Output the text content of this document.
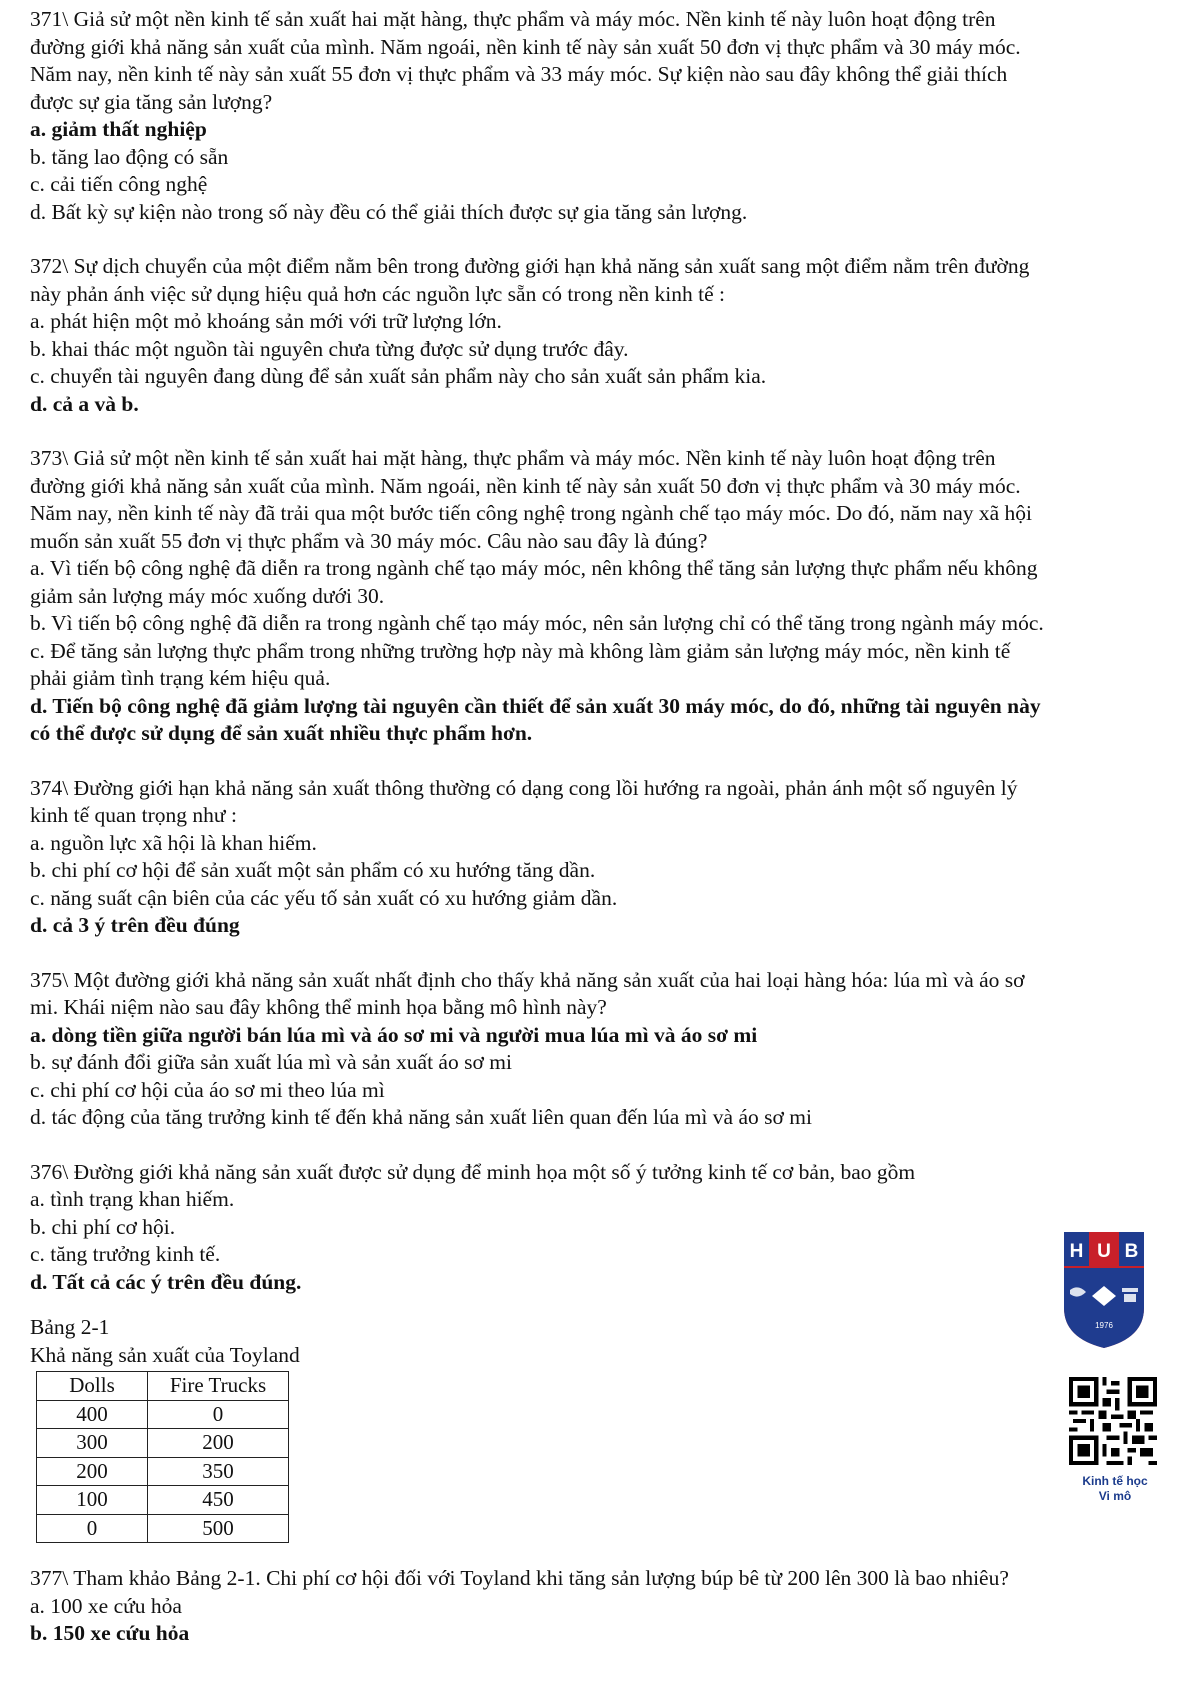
371\ Giả sử một nền kinh tế sản xuất hai mặt hàng, thực phẩm và máy móc. Nền kinh tế này luôn hoạt động trên
đường giới khả năng sản xuất của mình. Năm ngoái, nền kinh tế này sản xuất 50 đơn vị thực phẩm và 30 máy móc.
Năm nay, nền kinh tế này sản xuất 55 đơn vị thực phẩm và 33 máy móc. Sự kiện nào sau đây không thể giải thích
được sự gia tăng sản lượng?
a. giảm thất nghiệp
b. tăng lao động có sẵn
c. cải tiến công nghệ
d. Bất kỳ sự kiện nào trong số này đều có thể giải thích được sự gia tăng sản lượng.
372\ Sự dịch chuyển của một điểm nằm bên trong đường giới hạn khả năng sản xuất sang một điểm nằm trên đường
này phản ánh việc sử dụng hiệu quả hơn các nguồn lực sẵn có trong nền kinh tế :
a. phát hiện một mỏ khoáng sản mới với trữ lượng lớn.
b. khai thác một nguồn tài nguyên chưa từng được sử dụng trước đây.
c. chuyển tài nguyên đang dùng để sản xuất sản phẩm này cho sản xuất sản phẩm kia.
d. cả a và b.
373\ Giả sử một nền kinh tế sản xuất hai mặt hàng, thực phẩm và máy móc. Nền kinh tế này luôn hoạt động trên
đường giới khả năng sản xuất của mình. Năm ngoái, nền kinh tế này sản xuất 50 đơn vị thực phẩm và 30 máy móc.
Năm nay, nền kinh tế này đã trải qua một bước tiến công nghệ trong ngành chế tạo máy móc. Do đó, năm nay xã hội
muốn sản xuất 55 đơn vị thực phẩm và 30 máy móc. Câu nào sau đây là đúng?
a. Vì tiến bộ công nghệ đã diễn ra trong ngành chế tạo máy móc, nên không thể tăng sản lượng thực phẩm nếu không
giảm sản lượng máy móc xuống dưới 30.
b. Vì tiến bộ công nghệ đã diễn ra trong ngành chế tạo máy móc, nên sản lượng chỉ có thể tăng trong ngành máy móc.
c. Để tăng sản lượng thực phẩm trong những trường hợp này mà không làm giảm sản lượng máy móc, nền kinh tế
phải giảm tình trạng kém hiệu quả.
d. Tiến bộ công nghệ đã giảm lượng tài nguyên cần thiết để sản xuất 30 máy móc, do đó, những tài nguyên này
có thể được sử dụng để sản xuất nhiều thực phẩm hơn.
374\ Đường giới hạn khả năng sản xuất thông thường có dạng cong lồi hướng ra ngoài, phản ánh một số nguyên lý
kinh tế quan trọng như :
a. nguồn lực xã hội là khan hiếm.
b. chi phí cơ hội để sản xuất một sản phẩm có xu hướng tăng dần.
c. năng suất cận biên của các yếu tố sản xuất có xu hướng giảm dần.
d. cả 3 ý trên đều đúng
375\ Một đường giới khả năng sản xuất nhất định cho thấy khả năng sản xuất của hai loại hàng hóa: lúa mì và áo sơ
mi. Khái niệm nào sau đây không thể minh họa bằng mô hình này?
a. dòng tiền giữa người bán lúa mì và áo sơ mi và người mua lúa mì và áo sơ mi
b. sự đánh đổi giữa sản xuất lúa mì và sản xuất áo sơ mi
c. chi phí cơ hội của áo sơ mi theo lúa mì
d. tác động của tăng trưởng kinh tế đến khả năng sản xuất liên quan đến lúa mì và áo sơ mi
376\ Đường giới khả năng sản xuất được sử dụng để minh họa một số ý tưởng kinh tế cơ bản, bao gồm
a. tình trạng khan hiếm.
b. chi phí cơ hội.
c. tăng trưởng kinh tế.
d. Tất cả các ý trên đều đúng.
Bảng 2-1
Khả năng sản xuất của Toyland
Dolls	Fire Trucks
400	0
300	200
200	350
100	450
0	500
377\ Tham khảo Bảng 2-1. Chi phí cơ hội đối với Toyland khi tăng sản lượng búp bê từ 200 lên 300 là bao nhiêu?
a. 100 xe cứu hỏa
b. 150 xe cứu hỏa
H U B
1976
Kinh tế học
Vi mô
